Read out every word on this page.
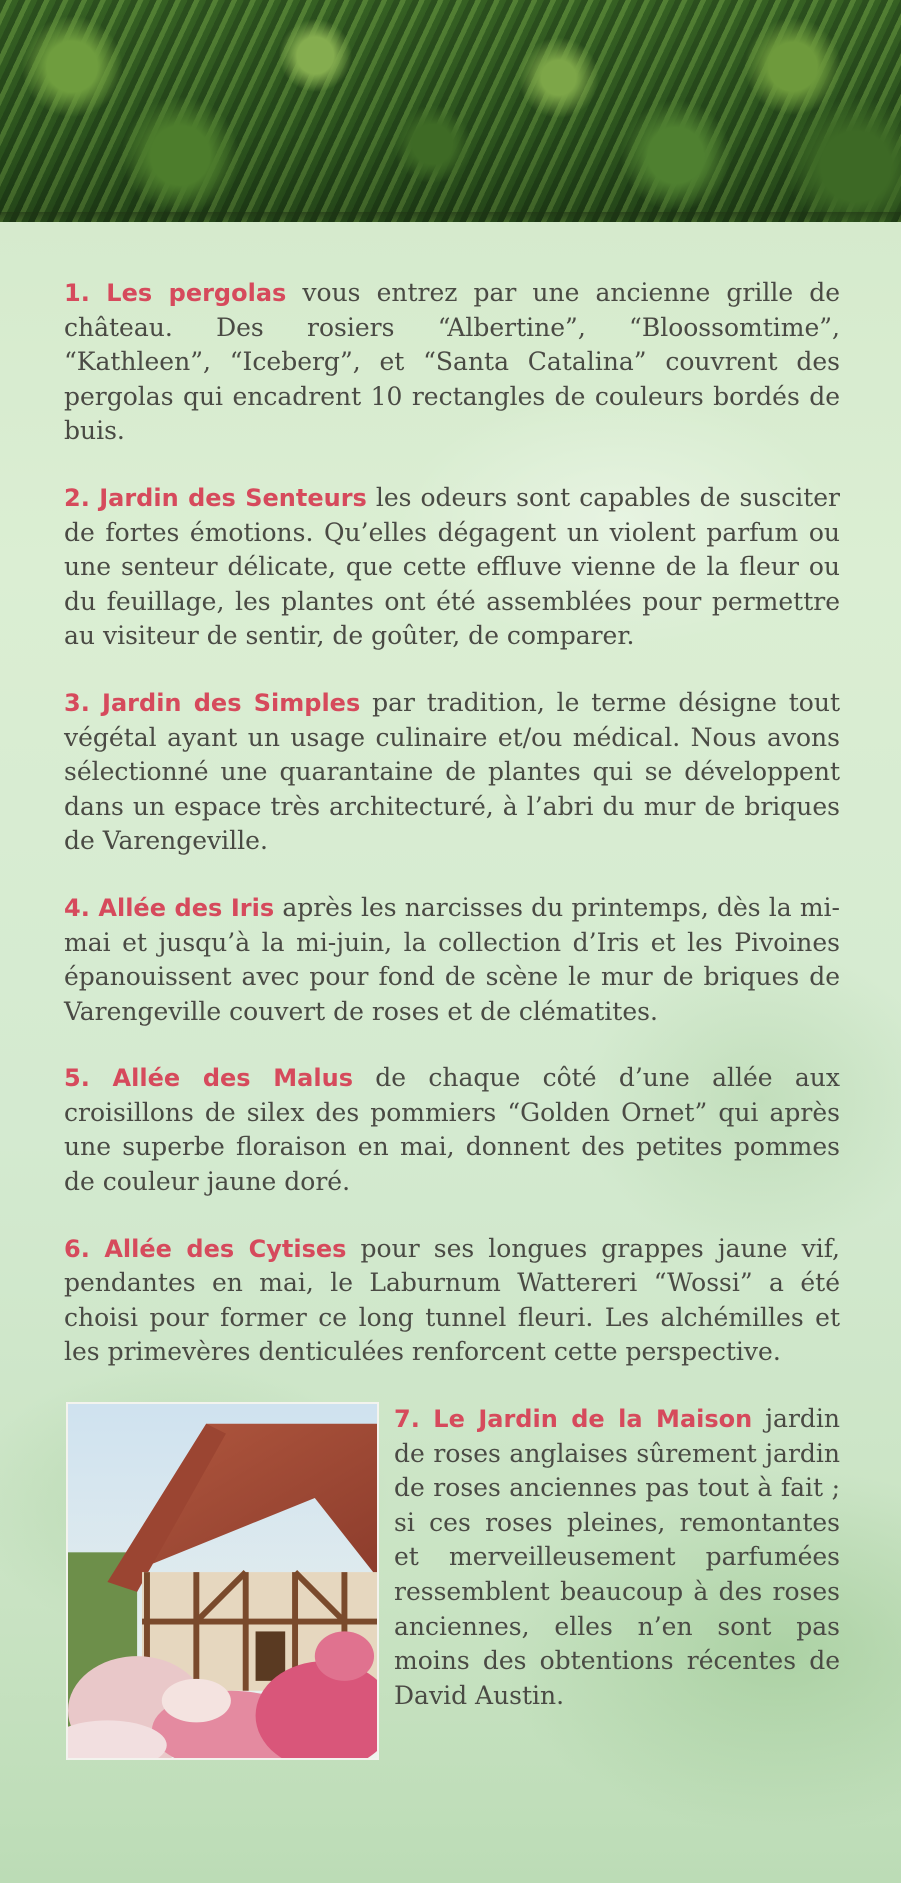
1. Les pergolas vous entrez par une ancienne grille de château. Des rosiers “Albertine”, “Bloossomtime”, “Kathleen”, “Iceberg”, et “Santa Catalina” couvrent des pergolas qui encadrent 10 rectangles de couleurs bordés de buis.

2. Jardin des Senteurs les odeurs sont capables de susciter de fortes émotions. Qu’elles dégagent un violent parfum ou une senteur délicate, que cette effluve vienne de la fleur ou du feuillage, les plantes ont été assemblées pour permettre au visiteur de sentir, de goûter, de comparer.

3. Jardin des Simples par tradition, le terme désigne tout végétal ayant un usage culinaire et/ou médical. Nous avons sélectionné une quarantaine de plantes qui se développent dans un espace très architecturé, à l’abri du mur de briques de Varengeville.

4. Allée des Iris après les narcisses du printemps, dès la mi-mai et jusqu’à la mi-juin, la collection d’Iris et les Pivoines épanouissent avec pour fond de scène le mur de briques de Varengeville couvert de roses et de clématites.

5. Allée des Malus de chaque côté d’une allée aux croisillons de silex des pommiers “Golden Ornet” qui après une superbe floraison en mai, donnent des petites pommes de couleur jaune doré.

6. Allée des Cytises pour ses longues grappes jaune vif, pendantes en mai, le Laburnum Wattereri “Wossi” a été choisi pour former ce long tunnel fleuri. Les alchémilles et les primevères denticulées renforcent cette perspective.

7. Le Jardin de la Maison jardin de roses anglaises sûrement jardin de roses anciennes pas tout à fait ; si ces roses pleines, remontantes et merveilleusement parfumées ressemblent beaucoup à des roses anciennes, elles n’en sont pas moins des obtentions récentes de David Austin.
